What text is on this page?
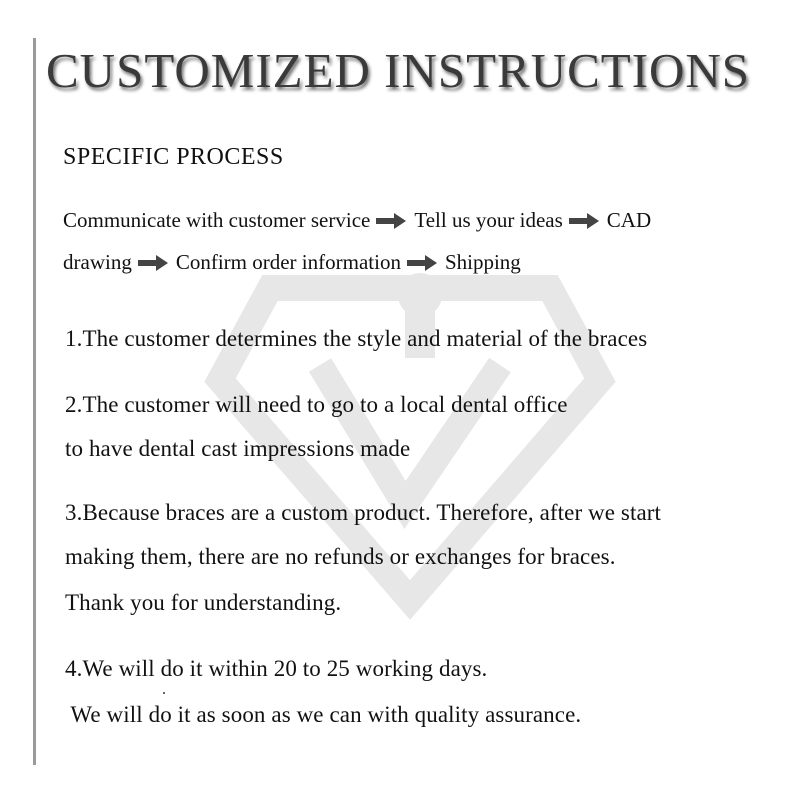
CUSTOMIZED INSTRUCTIONS
SPECIFIC PROCESS
Communicate with customer service Tell us your ideas CAD
drawing Confirm order information Shipping
1.The customer determines the style and material of the braces
2.The customer will need to go to a local dental office
to have dental cast impressions made
3.Because braces are a custom product. Therefore, after we start
making them, there are no refunds or exchanges for braces.
Thank you for understanding.
4.We will do it within 20 to 25 working days.
We will do it as soon as we can with quality assurance.
